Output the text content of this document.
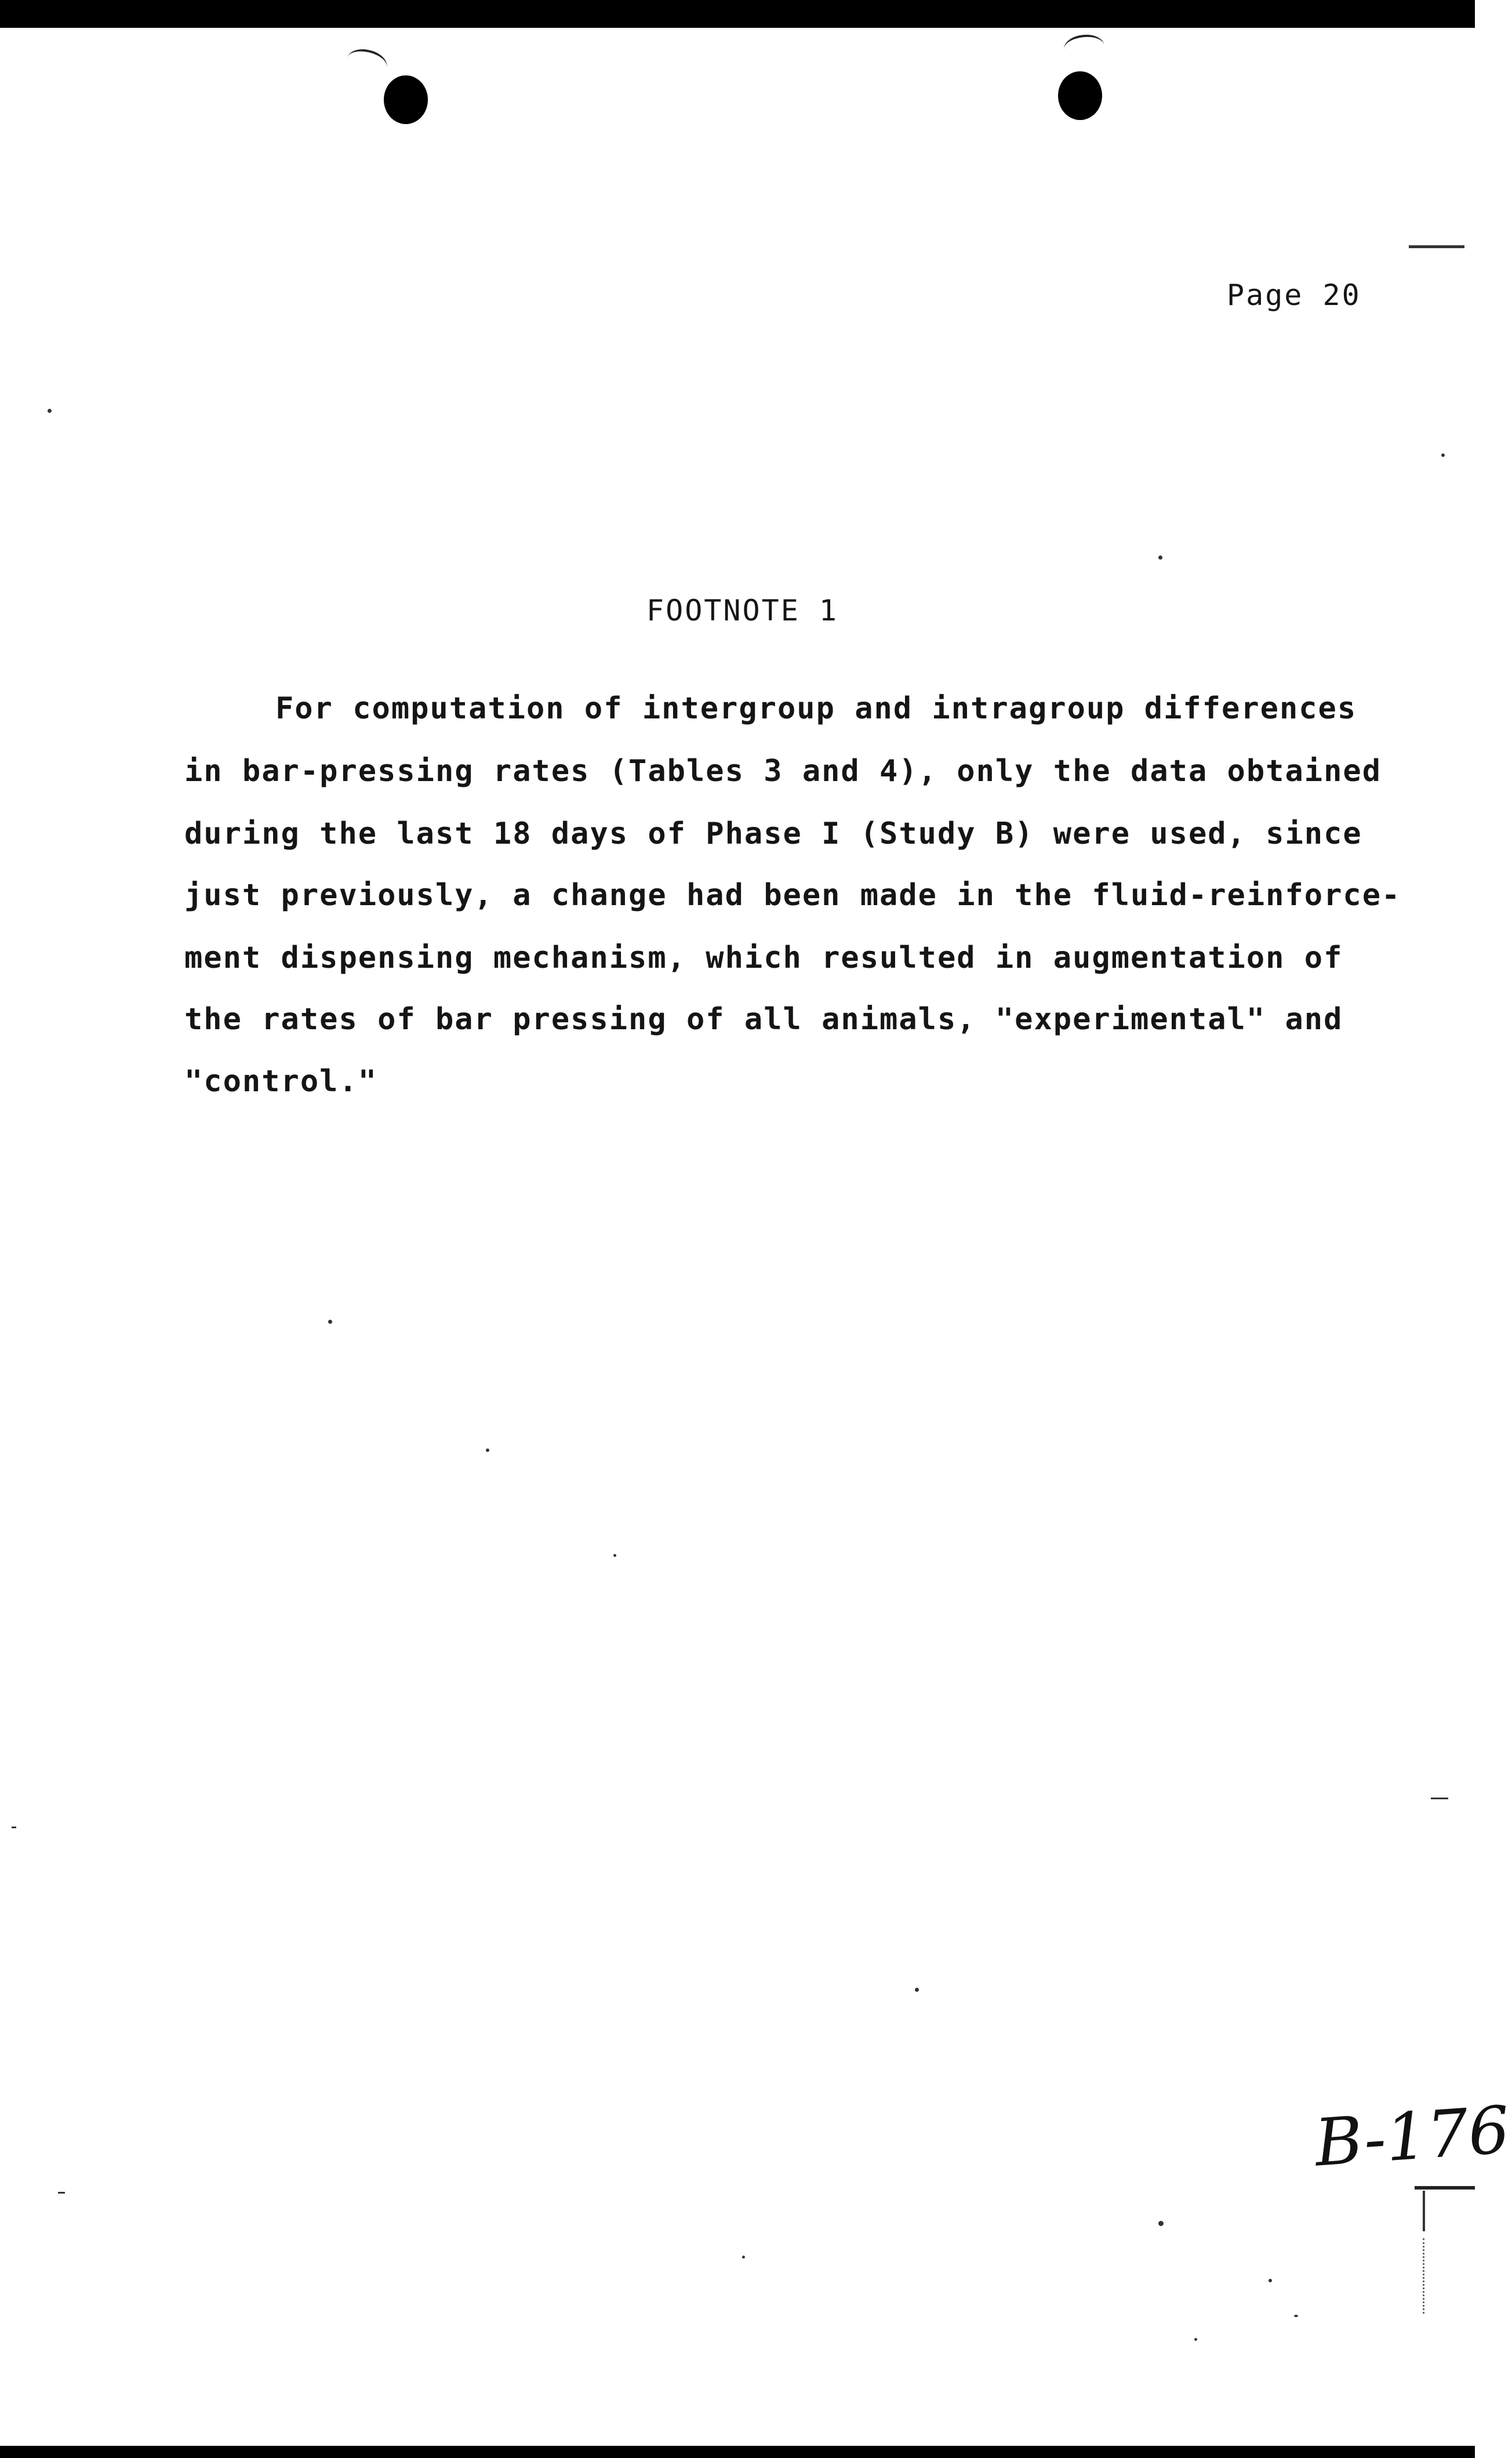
Page 20
FOOTNOTE 1
For computation of intergroup and intragroup differences
in bar-pressing rates (Tables 3 and 4), only the data obtained
during the last 18 days of Phase I (Study B) were used, since
just previously, a change had been made in the fluid-reinforce-
ment dispensing mechanism, which resulted in augmentation of
the rates of bar pressing of all animals, "experimental" and
"control."
B-176
